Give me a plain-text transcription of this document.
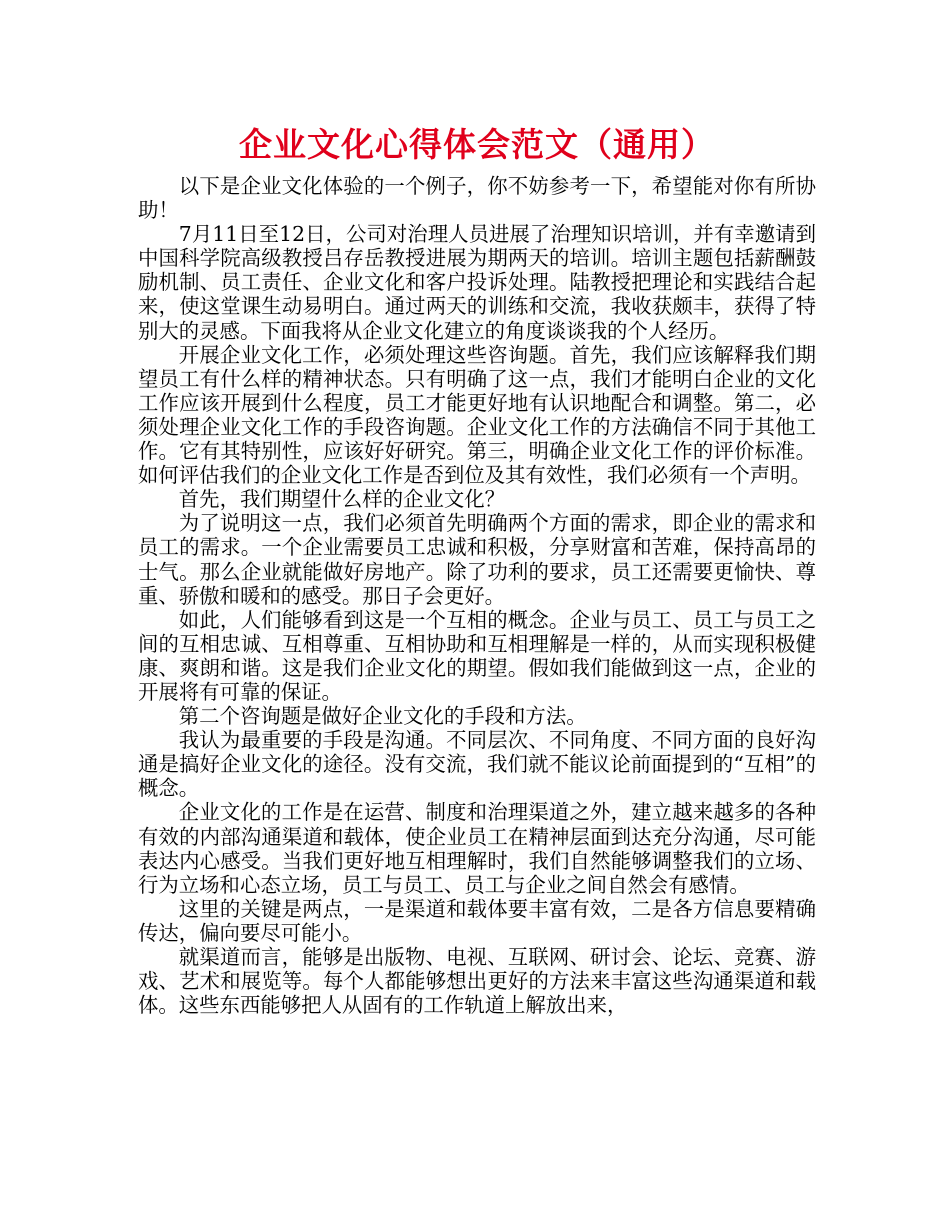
企业文化心得体会范文（通用）

以下是企业文化体验的一个例子，你不妨参考一下，希望能对你有所协助！

7月11日至12日，公司对治理人员进展了治理知识培训，并有幸邀请到中国科学院高级教授吕存岳教授进展为期两天的培训。培训主题包括薪酬鼓励机制、员工责任、企业文化和客户投诉处理。陆教授把理论和实践结合起来，使这堂课生动易明白。通过两天的训练和交流，我收获颇丰，获得了特别大的灵感。下面我将从企业文化建立的角度谈谈我的个人经历。

开展企业文化工作，必须处理这些咨询题。首先，我们应该解释我们期望员工有什么样的精神状态。只有明确了这一点，我们才能明白企业的文化工作应该开展到什么程度，员工才能更好地有认识地配合和调整。第二，必须处理企业文化工作的手段咨询题。企业文化工作的方法确信不同于其他工作。它有其特别性，应该好好研究。第三，明确企业文化工作的评价标准。如何评估我们的企业文化工作是否到位及其有效性，我们必须有一个声明。

首先，我们期望什么样的企业文化？

为了说明这一点，我们必须首先明确两个方面的需求，即企业的需求和员工的需求。一个企业需要员工忠诚和积极，分享财富和苦难，保持高昂的士气。那么企业就能做好房地产。除了功利的要求，员工还需要更愉快、尊重、骄傲和暖和的感受。那日子会更好。

如此，人们能够看到这是一个互相的概念。企业与员工、员工与员工之间的互相忠诚、互相尊重、互相协助和互相理解是一样的，从而实现积极健康、爽朗和谐。这是我们企业文化的期望。假如我们能做到这一点，企业的开展将有可靠的保证。

第二个咨询题是做好企业文化的手段和方法。

我认为最重要的手段是沟通。不同层次、不同角度、不同方面的良好沟通是搞好企业文化的途径。没有交流，我们就不能议论前面提到的“互相”的概念。

企业文化的工作是在运营、制度和治理渠道之外，建立越来越多的各种有效的内部沟通渠道和载体，使企业员工在精神层面到达充分沟通，尽可能表达内心感受。当我们更好地互相理解时，我们自然能够调整我们的立场、行为立场和心态立场，员工与员工、员工与企业之间自然会有感情。

这里的关键是两点，一是渠道和载体要丰富有效，二是各方信息要精确传达，偏向要尽可能小。

就渠道而言，能够是出版物、电视、互联网、研讨会、论坛、竞赛、游戏、艺术和展览等。每个人都能够想出更好的方法来丰富这些沟通渠道和载体。这些东西能够把人从固有的工作轨道上解放出来，
